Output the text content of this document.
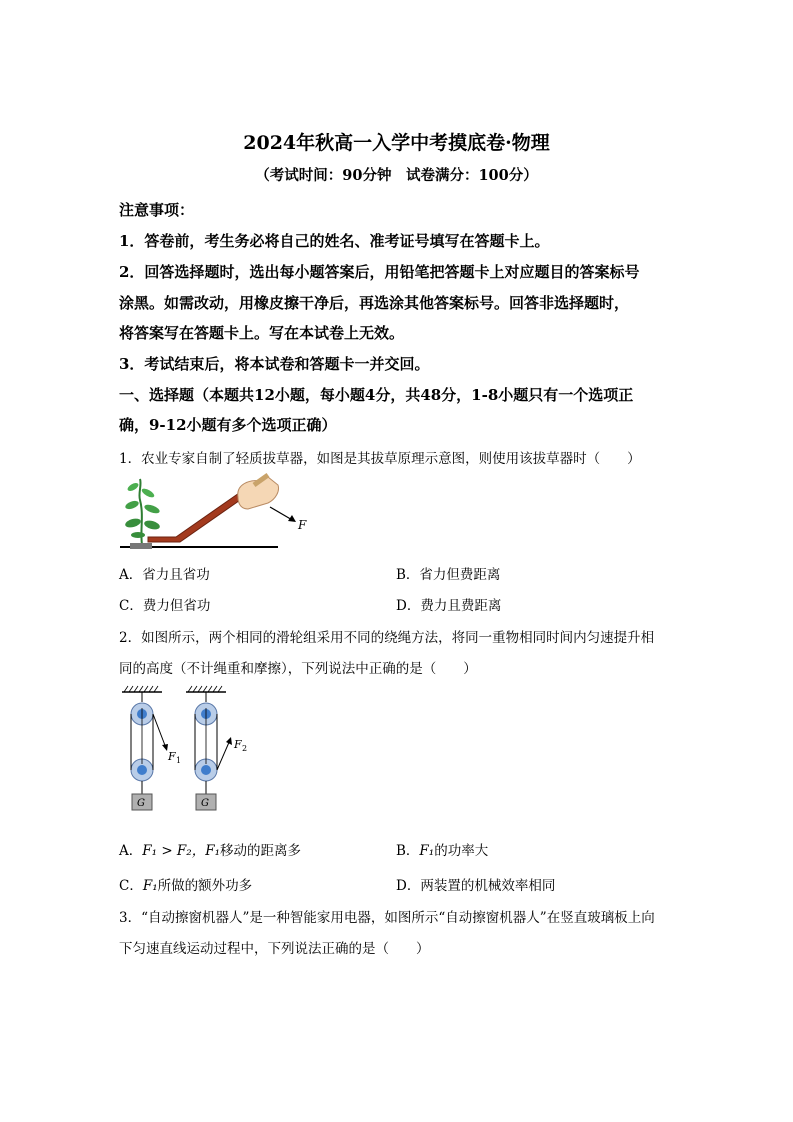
2024年秋高一入学中考摸底卷·物理
（考试时间：90分钟　试卷满分：100分）
注意事项：
1．答卷前，考生务必将自己的姓名、准考证号填写在答题卡上。
2．回答选择题时，选出每小题答案后，用铅笔把答题卡上对应题目的答案标号
涂黑。如需改动，用橡皮擦干净后，再选涂其他答案标号。回答非选择题时，
将答案写在答题卡上。写在本试卷上无效。
3．考试结束后，将本试卷和答题卡一并交回。
一、选择题（本题共12小题，每小题4分，共48分，1-8小题只有一个选项正
确，9-12小题有多个选项正确）
1．农业专家自制了轻质拔草器，如图是其拔草原理示意图，则使用该拔草器时（　　）
F
A．省力且省功	B．省力但费距离
C．费力但省功	D．费力且费距离
2．如图所示，两个相同的滑轮组采用不同的绕绳方法，将同一重物相同时间内匀速提升相
同的高度（不计绳重和摩擦），下列说法中正确的是（　　）
F 1
G
F 2
G
A．F₁ > F₂，F₁移动的距离多	B．F₁的功率大
C．F₁所做的额外功多	D．两装置的机械效率相同
3．“自动擦窗机器人”是一种智能家用电器，如图所示“自动擦窗机器人”在竖直玻璃板上向
下匀速直线运动过程中，下列说法正确的是（　　）
